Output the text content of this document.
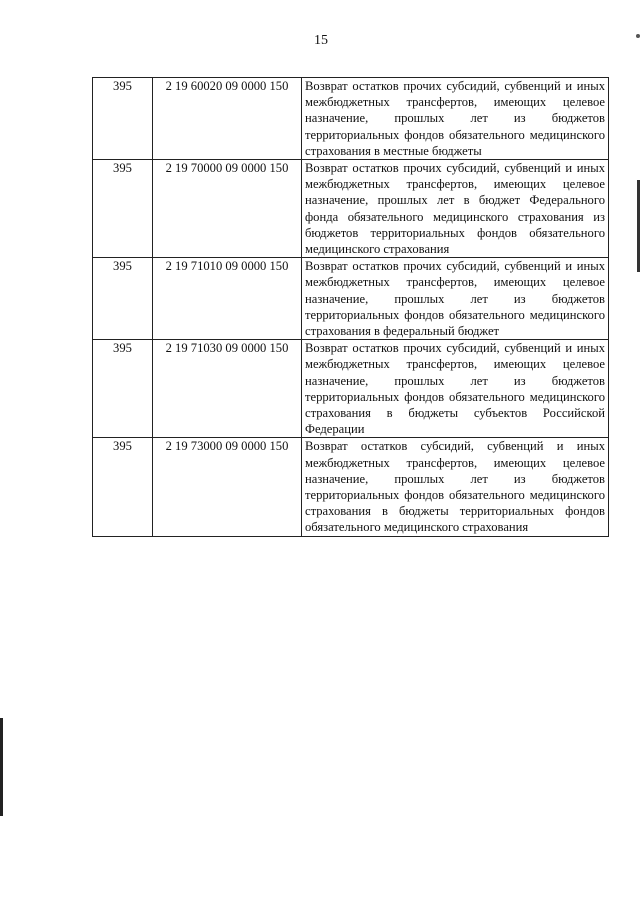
15
395	2 19 60020 09 0000 150	Возврат остатков прочих субсидий, субвенций и иных межбюджетных трансфертов, имеющих целевое назначение, прошлых лет из бюджетов территориальных фондов обязательного медицинского страхования в местные бюджеты
395	2 19 70000 09 0000 150	Возврат остатков прочих субсидий, субвенций и иных межбюджетных трансфертов, имеющих целевое назначение, прошлых лет в бюджет Федерального фонда обязательного медицинского страхования из бюджетов территориальных фондов обязательного медицинского страхования
395	2 19 71010 09 0000 150	Возврат остатков прочих субсидий, субвенций и иных межбюджетных трансфертов, имеющих целевое назначение, прошлых лет из бюджетов территориальных фондов обязательного медицинского страхования в федеральный бюджет
395	2 19 71030 09 0000 150	Возврат остатков прочих субсидий, субвенций и иных межбюджетных трансфертов, имеющих целевое назначение, прошлых лет из бюджетов территориальных фондов обязательного медицинского страхования в бюджеты субъектов Российской Федерации
395	2 19 73000 09 0000 150	Возврат остатков субсидий, субвенций и иных межбюджетных трансфертов, имеющих целевое назначение, прошлых лет из бюджетов территориальных фондов обязательного медицинского страхования в бюджеты территориальных фондов обязательного медицинского страхования
